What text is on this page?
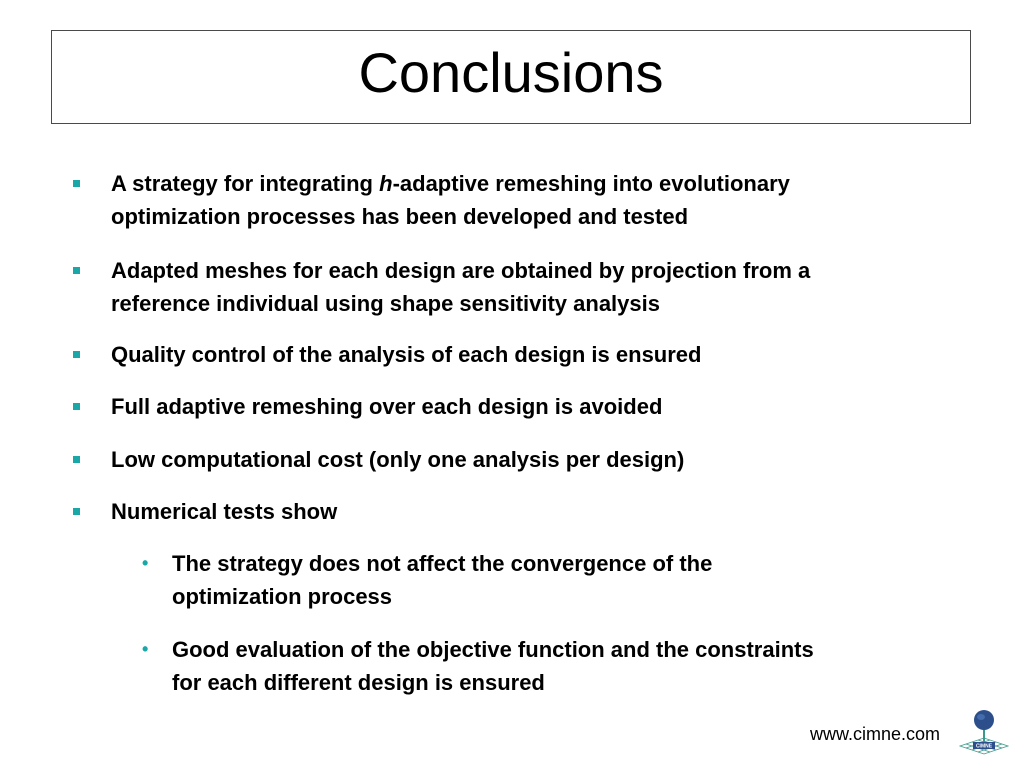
Conclusions
A strategy for integrating h-adaptive remeshing into evolutionary
optimization processes has been developed and tested
Adapted meshes for each design are obtained by projection from a
reference individual using shape sensitivity analysis
Quality control of the analysis of each design is ensured
Full adaptive remeshing over each design is avoided
Low computational cost (only one analysis per design)
Numerical tests show
• The strategy does not affect the convergence of the
optimization process
• Good evaluation of the objective function and the constraints
for each different design is ensured
www.cimne.com
CIMNE
